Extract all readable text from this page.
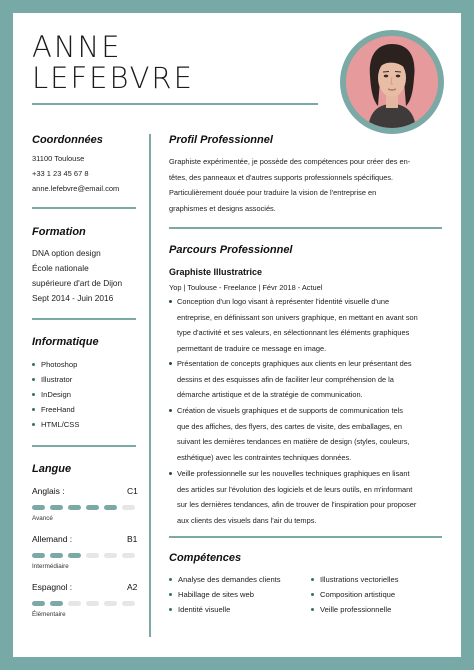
ANNE
LEFEBVRE
Coordonnées
31100 Toulouse
+33 1 23 45 67 8
anne.lefebvre@email.com
Formation
DNA option design
École nationale
supérieure d'art de Dijon
Sept 2014 - Juin 2016
Informatique
Photoshop
Illustrator
InDesign
FreeHand
HTML/CSS
Langue
Anglais :	C1
Avancé
Allemand :	B1
Intermédiaire
Espagnol :	A2
Élémentaire
Profil Professionnel
Graphiste expérimentée, je possède des compétences pour créer des en-
têtes, des panneaux et d'autres supports professionnels spécifiques.
Particulièrement douée pour traduire la vision de l'entreprise en
graphismes et designs associés.
Parcours Professionnel
Graphiste Illustratrice
Yop | Toulouse - Freelance | Févr 2018 - Actuel
Conception d'un logo visant à représenter l'identité visuelle d'une
entreprise, en définissant son univers graphique, en mettant en avant son
type d'activité et ses valeurs, en sélectionnant les éléments graphiques
permettant de traduire ce message en image.
Présentation de concepts graphiques aux clients en leur présentant des
dessins et des esquisses afin de faciliter leur compréhension de la
démarche artistique et de la stratégie de communication.
Création de visuels graphiques et de supports de communication tels
que des affiches, des flyers, des cartes de visite, des emballages, en
suivant les dernières tendances en matière de design (styles, couleurs,
esthétique) avec les contraintes techniques données.
Veille professionnelle sur les nouvelles techniques graphiques en lisant
des articles sur l'évolution des logiciels et de leurs outils, en m'informant
sur les dernières tendances, afin de trouver de l'inspiration pour proposer
aux clients des visuels dans l'air du temps.
Compétences
Analyse des demandes clients
Habillage de sites web
Identité visuelle
Illustrations vectorielles
Composition artistique
Veille professionnelle
